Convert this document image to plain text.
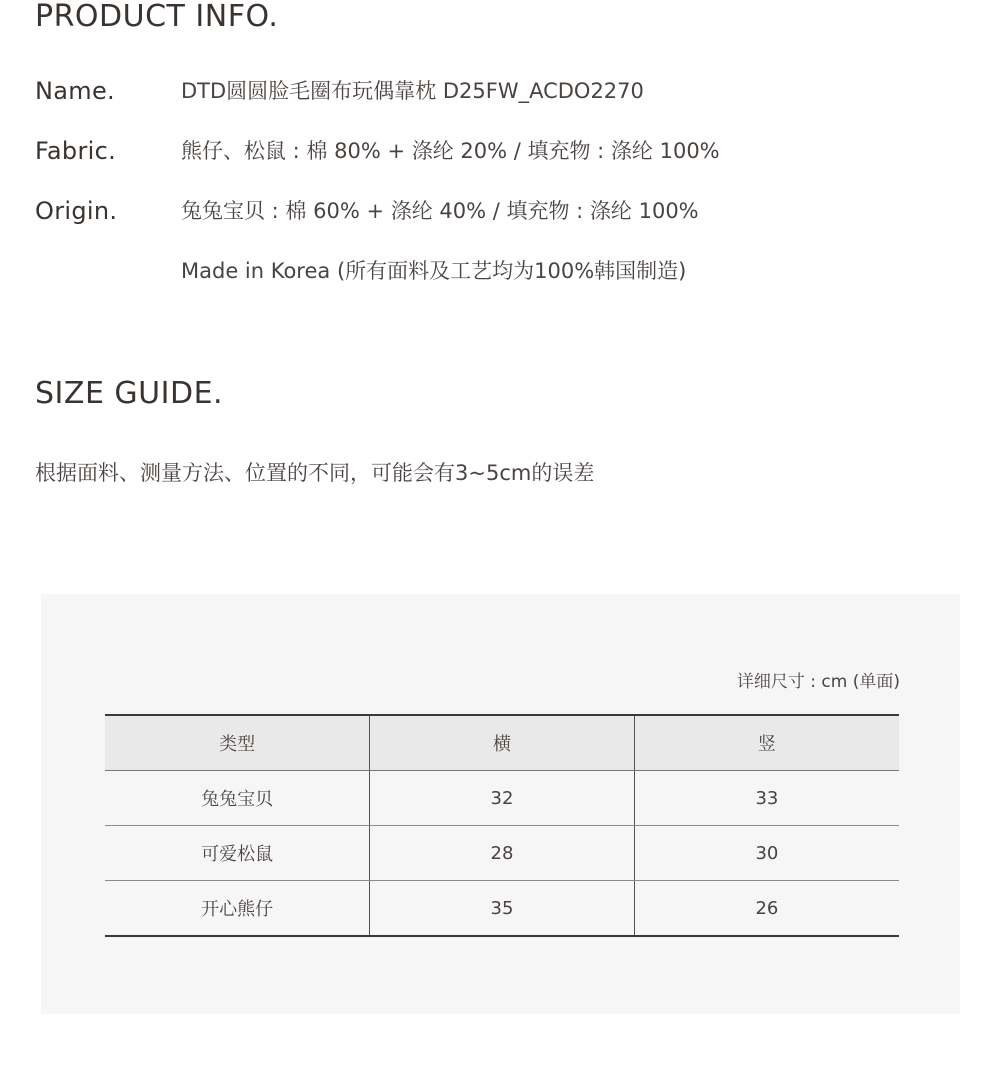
PRODUCT INFO.
Name.	DTD圆圆脸毛圈布玩偶靠枕 D25FW_ACDO2270
Fabric.	熊仔、松鼠 : 棉 80% + 涤纶 20% / 填充物 : 涤纶 100%
Origin.	兔兔宝贝 : 棉 60% + 涤纶 40% / 填充物 : 涤纶 100%
Made in Korea (所有面料及工艺均为100%韩国制造)
SIZE GUIDE.
根据面料、测量方法、位置的不同，可能会有3~5cm的误差
详细尺寸 : cm (单面)
类型	横	竖
兔兔宝贝	32	33
可爱松鼠	28	30
开心熊仔	35	26
